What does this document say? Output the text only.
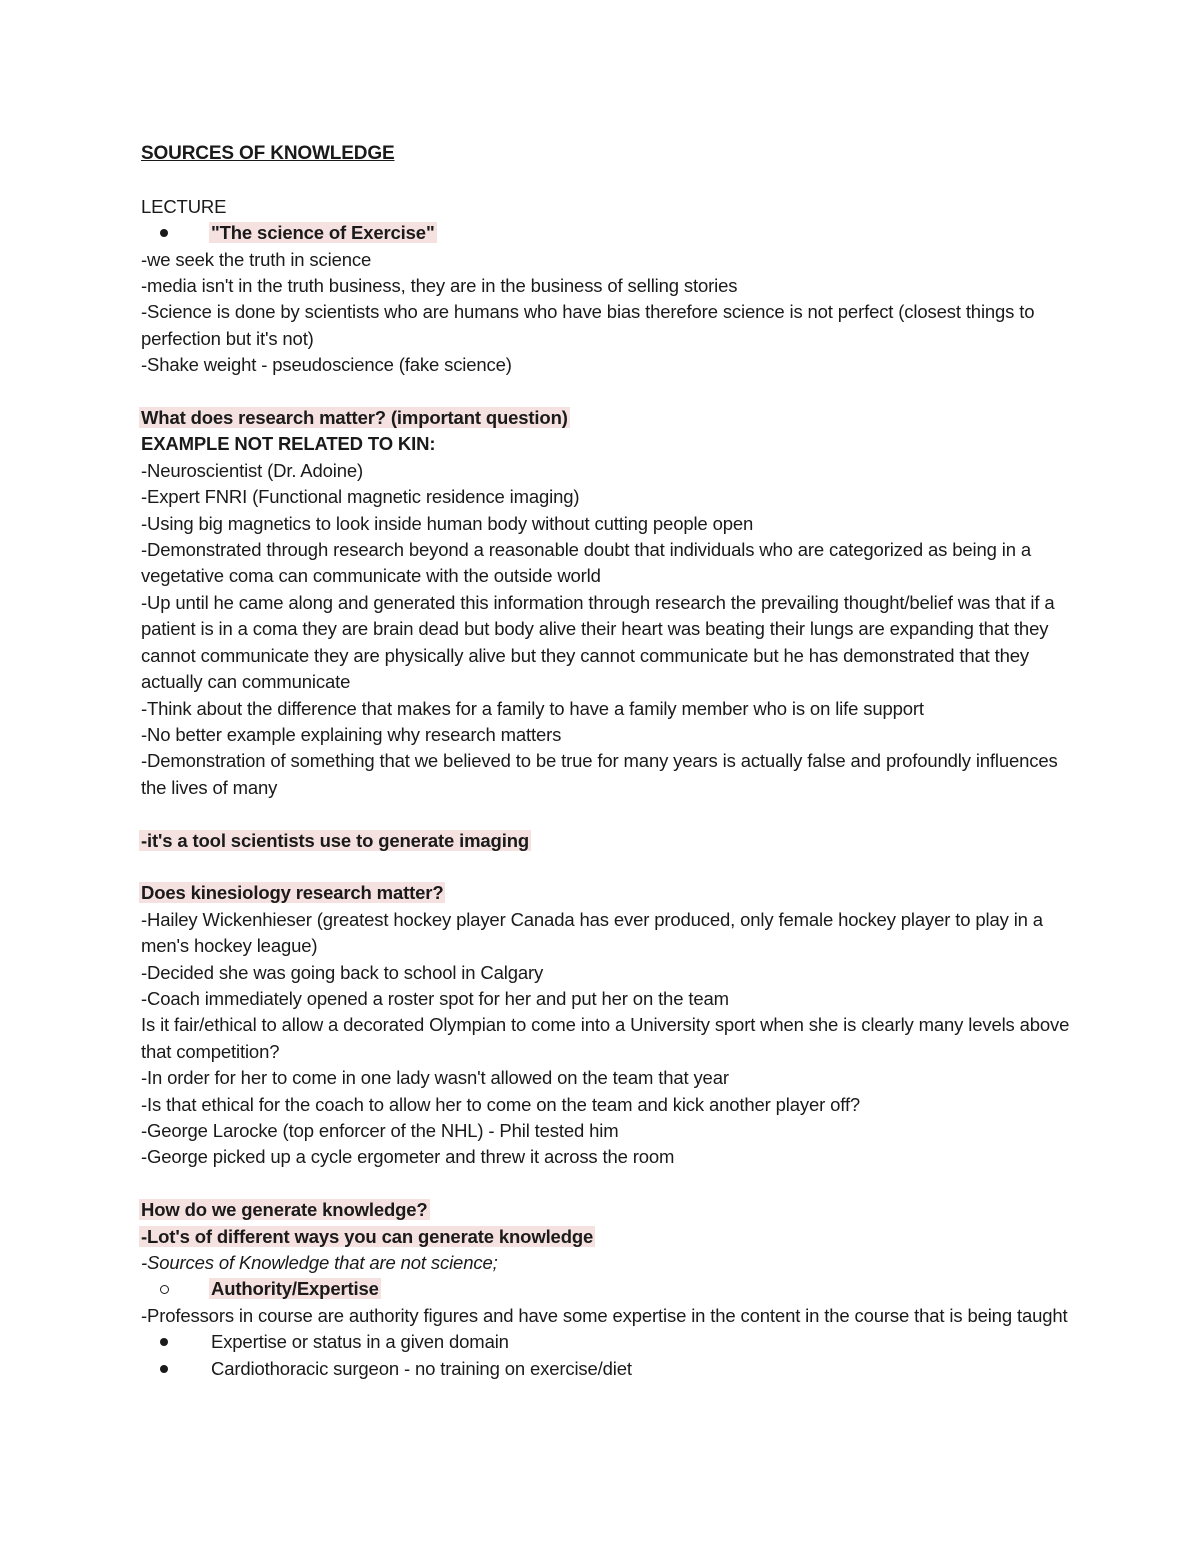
SOURCES OF KNOWLEDGE
LECTURE
"The science of Exercise"
-we seek the truth in science
-media isn't in the truth business, they are in the business of selling stories
-Science is done by scientists who are humans who have bias therefore science is not perfect (closest things to perfection but it's not)
-Shake weight - pseudoscience (fake science)
What does research matter? (important question)
EXAMPLE NOT RELATED TO KIN:
-Neuroscientist (Dr. Adoine)
-Expert FNRI (Functional magnetic residence imaging)
-Using big magnetics to look inside human body without cutting people open
-Demonstrated through research beyond a reasonable doubt that individuals who are categorized as being in a vegetative coma can communicate with the outside world
-Up until he came along and generated this information through research the prevailing thought/belief was that if a patient is in a coma they are brain dead but body alive their heart was beating their lungs are expanding that they cannot communicate they are physically alive but they cannot communicate but he has demonstrated that they actually can communicate
-Think about the difference that makes for a family to have a family member who is on life support
-No better example explaining why research matters
-Demonstration of something that we believed to be true for many years is actually false and profoundly influences the lives of many
-it's a tool scientists use to generate imaging
Does kinesiology research matter?
-Hailey Wickenhieser (greatest hockey player Canada has ever produced, only female hockey player to play in a men's hockey league)
-Decided she was going back to school in Calgary
-Coach immediately opened a roster spot for her and put her on the team
Is it fair/ethical to allow a decorated Olympian to come into a University sport when she is clearly many levels above that competition?
-In order for her to come in one lady wasn't allowed on the team that year
-Is that ethical for the coach to allow her to come on the team and kick another player off?
-George Larocke (top enforcer of the NHL) - Phil tested him
-George picked up a cycle ergometer and threw it across the room
How do we generate knowledge?
-Lot's of different ways you can generate knowledge
-Sources of Knowledge that are not science;
Authority/Expertise
-Professors in course are authority figures and have some expertise in the content in the course that is being taught
Expertise or status in a given domain
Cardiothoracic surgeon - no training on exercise/diet
